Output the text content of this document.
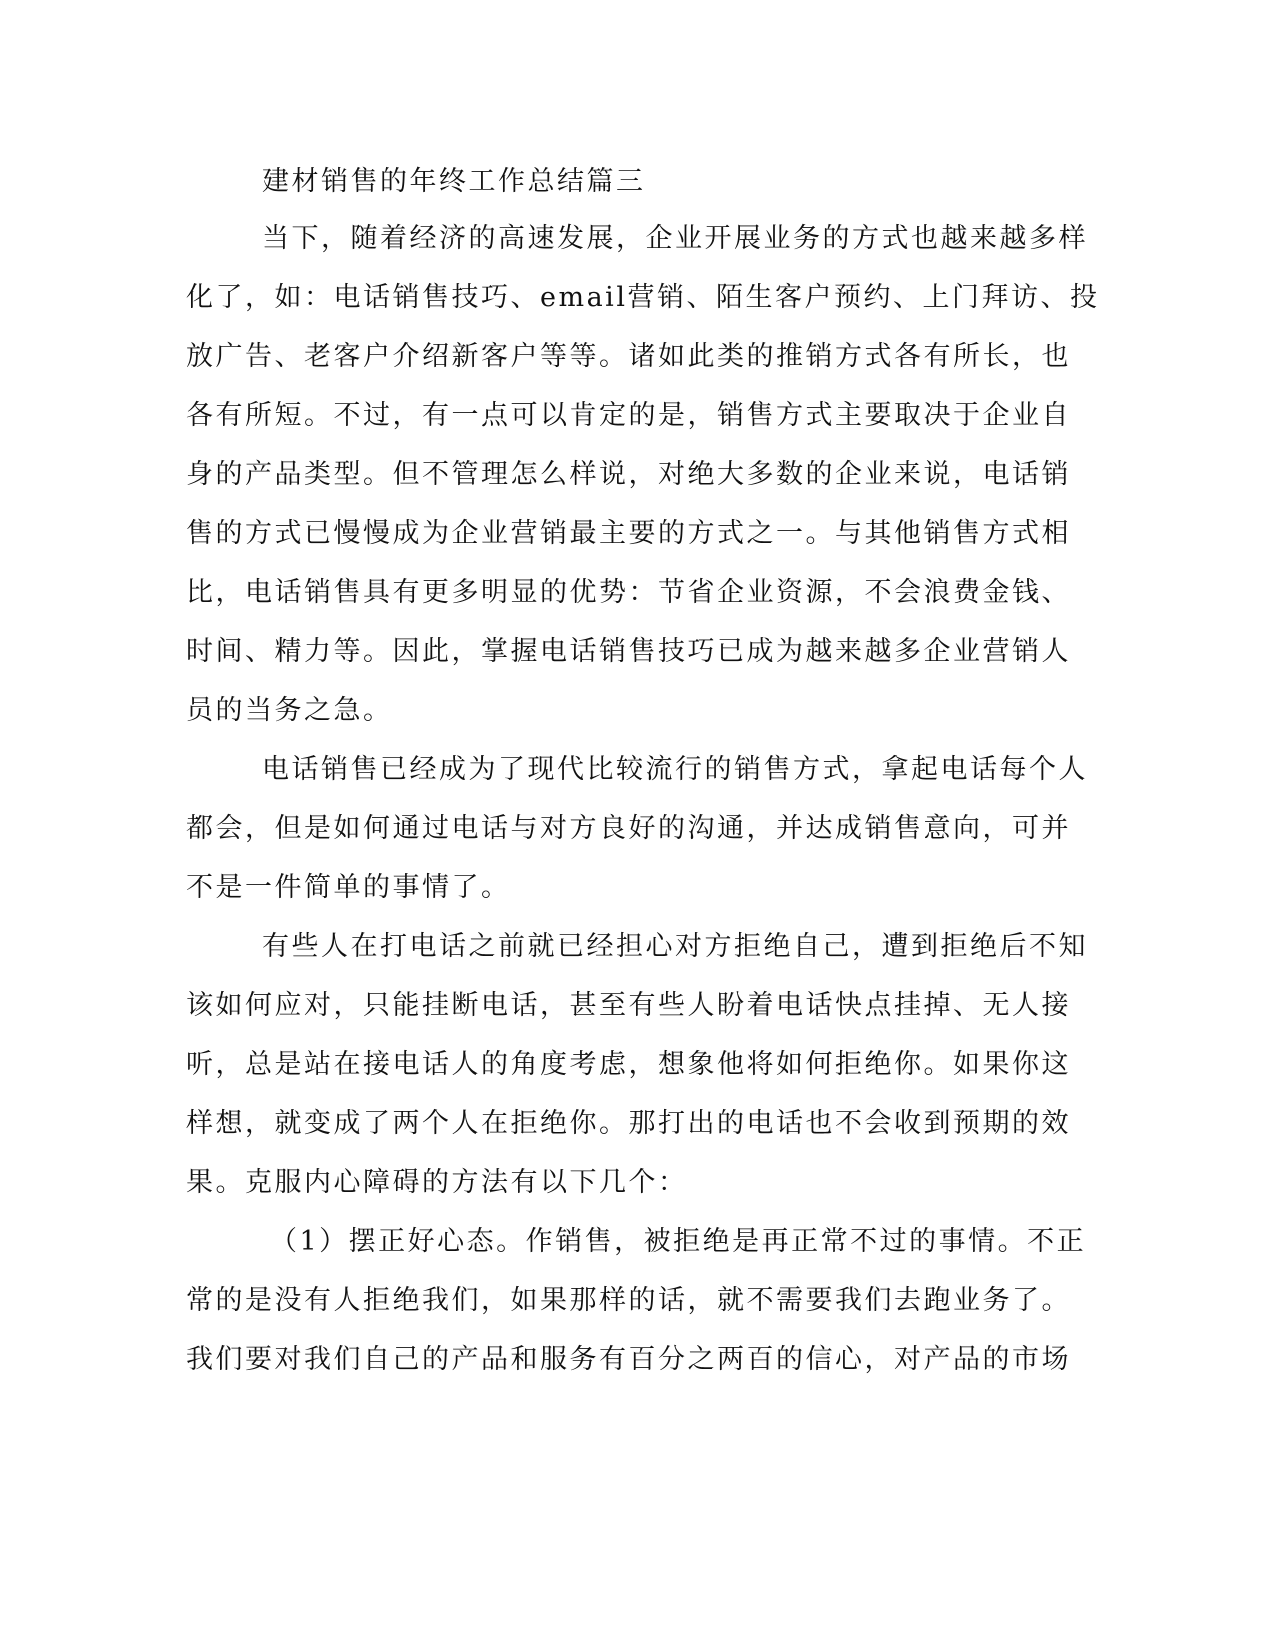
建材销售的年终工作总结篇三
当下，随着经济的高速发展，企业开展业务的方式也越来越多样
化了，如：电话销售技巧、email营销、陌生客户预约、上门拜访、投
放广告、老客户介绍新客户等等。诸如此类的推销方式各有所长，也
各有所短。不过，有一点可以肯定的是，销售方式主要取决于企业自
身的产品类型。但不管理怎么样说，对绝大多数的企业来说，电话销
售的方式已慢慢成为企业营销最主要的方式之一。与其他销售方式相
比，电话销售具有更多明显的优势：节省企业资源，不会浪费金钱、
时间、精力等。因此，掌握电话销售技巧已成为越来越多企业营销人
员的当务之急。
电话销售已经成为了现代比较流行的销售方式，拿起电话每个人
都会，但是如何通过电话与对方良好的沟通，并达成销售意向，可并
不是一件简单的事情了。
有些人在打电话之前就已经担心对方拒绝自己，遭到拒绝后不知
该如何应对，只能挂断电话，甚至有些人盼着电话快点挂掉、无人接
听，总是站在接电话人的角度考虑，想象他将如何拒绝你。如果你这
样想，就变成了两个人在拒绝你。那打出的电话也不会收到预期的效
果。克服内心障碍的方法有以下几个：
（1）摆正好心态。作销售，被拒绝是再正常不过的事情。不正
常的是没有人拒绝我们，如果那样的话，就不需要我们去跑业务了。
我们要对我们自己的产品和服务有百分之两百的信心，对产品的市场
